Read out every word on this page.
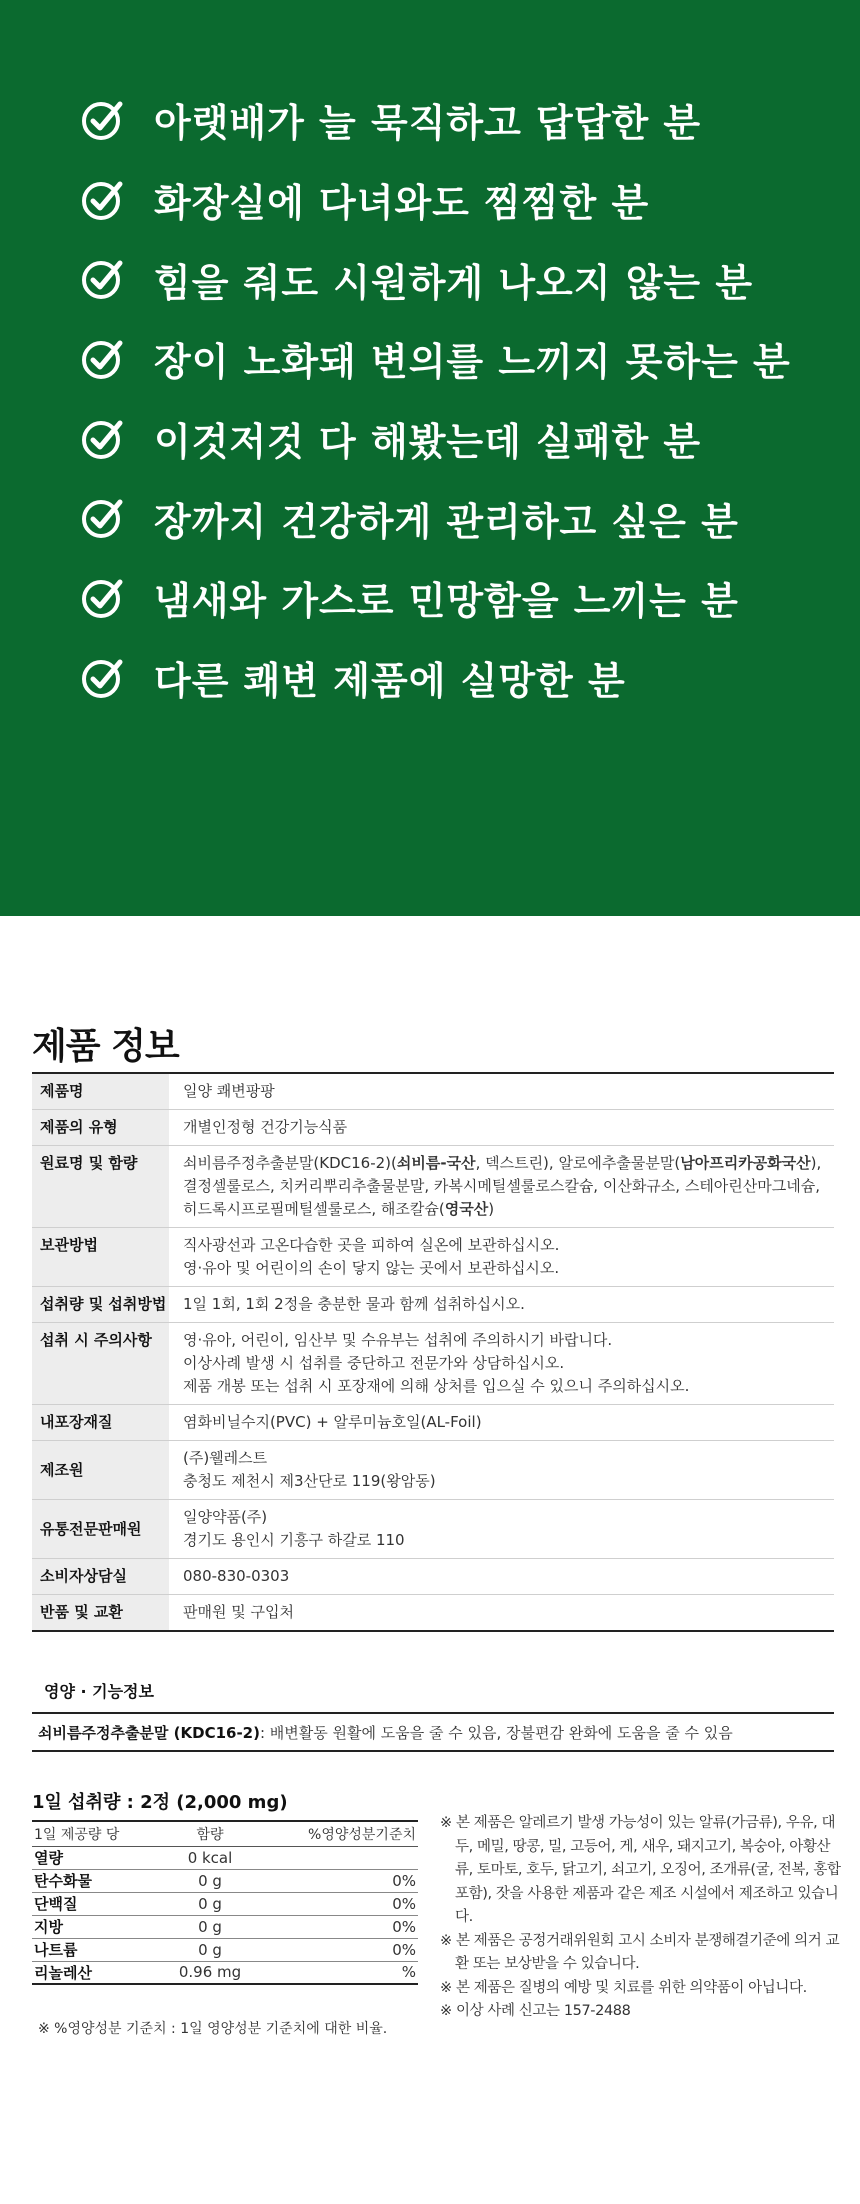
아랫배가 늘 묵직하고 답답한 분
화장실에 다녀와도 찜찜한 분
힘을 줘도 시원하게 나오지 않는 분
장이 노화돼 변의를 느끼지 못하는 분
이것저것 다 해봤는데 실패한 분
장까지 건강하게 관리하고 싶은 분
냄새와 가스로 민망함을 느끼는 분
다른 쾌변 제품에 실망한 분
제품 정보
제품명	일양 쾌변팡팡
제품의 유형	개별인정형 건강기능식품
원료명 및 함량	쇠비름주정추출분말(KDC16-2)(쇠비름-국산, 덱스트린), 알로에추출물분말(남아프리카공화국산),
결정셀룰로스, 치커리뿌리추출물분말, 카복시메틸셀룰로스칼슘, 이산화규소, 스테아린산마그네슘,
히드록시프로필메틸셀룰로스, 해조칼슘(영국산)

보관방법	직사광선과 고온다습한 곳을 피하여 실온에 보관하십시오.
영·유아 및 어린이의 손이 닿지 않는 곳에서 보관하십시오.

섭취량 및 섭취방법	1일 1회, 1회 2정을 충분한 물과 함께 섭취하십시오.
섭취 시 주의사항	영·유아, 어린이, 임산부 및 수유부는 섭취에 주의하시기 바랍니다.
이상사례 발생 시 섭취를 중단하고 전문가와 상담하십시오.
제품 개봉 또는 섭취 시 포장재에 의해 상처를 입으실 수 있으니 주의하십시오.

내포장재질	염화비닐수지(PVC) + 알루미늄호일(AL-Foil)
제조원	(주)웰레스트
충청도 제천시 제3산단로 119(왕암동)

유통전문판매원	일양약품(주)
경기도 용인시 기흥구 하갈로 110

소비자상담실	080-830-0303
반품 및 교환	판매원 및 구입처
영양 · 기능정보
쇠비름주정추출분말 (KDC16-2) : 배변활동 원활에 도움을 줄 수 있음, 장불편감 완화에 도움을 줄 수 있음
1일 섭취량 : 2정 (2,000 mg)
1일 제공량 당	함량	%영양성분기준치
열량	0 kcal	
탄수화물	0 g	0%
단백질	0 g	0%
지방	0 g	0%
나트륨	0 g	0%
리놀레산	0.96 mg	%
※ %영양성분 기준치 : 1일 영양성분 기준치에 대한 비율.
※ 본 제품은 알레르기 발생 가능성이 있는 알류(가금류), 우유, 대두, 메밀, 땅콩, 밀, 고등어, 게, 새우, 돼지고기, 복숭아, 아황산류, 토마토, 호두, 닭고기, 쇠고기, 오징어, 조개류(굴, 전복, 홍합 포함), 잣을 사용한 제품과 같은 제조 시설에서 제조하고 있습니다.
※ 본 제품은 공정거래위원회 고시 소비자 분쟁해결기준에 의거 교환 또는 보상받을 수 있습니다.
※ 본 제품은 질병의 예방 및 치료를 위한 의약품이 아닙니다.
※ 이상 사례 신고는 157-2488
